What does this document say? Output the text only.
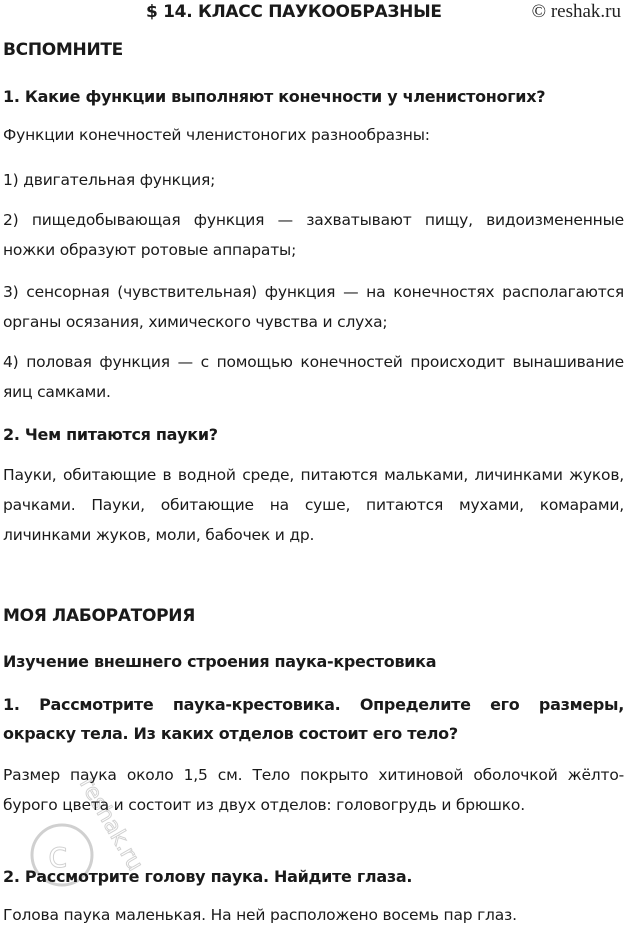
$ 14. КЛАСС ПАУКООБРАЗНЫЕ	© reshak.ru
ВСПОМНИТЕ
1. Какие функции выполняют конечности у членистоногих?
Функции конечностей членистоногих разнообразны:
1) двигательная функция;
2) пищедобывающая функция — захватывают пищу, видоизмененные ножки образуют ротовые аппараты;
3) сенсорная (чувствительная) функция — на конечностях располагаются органы осязания, химического чувства и слуха;
4) половая функция — с помощью конечностей происходит вынашивание яиц самками.
2. Чем питаются пауки?
Пауки, обитающие в водной среде, питаются мальками, личинками жуков, рачками. Пауки, обитающие на суше, питаются мухами, комарами, личинками жуков, моли, бабочек и др.
МОЯ ЛАБОРАТОРИЯ
Изучение внешнего строения паука-крестовика
1. Рассмотрите паука-крестовика. Определите его размеры, окраску тела. Из каких отделов состоит его тело?
Размер паука около 1,5 см. Тело покрыто хитиновой оболочкой жёлто-бурого цвета и состоит из двух отделов: головогрудь и брюшко.
2. Рассмотрите голову паука. Найдите глаза.
Голова паука маленькая. На ней расположено восемь пар глаз.
c reshak.ru
